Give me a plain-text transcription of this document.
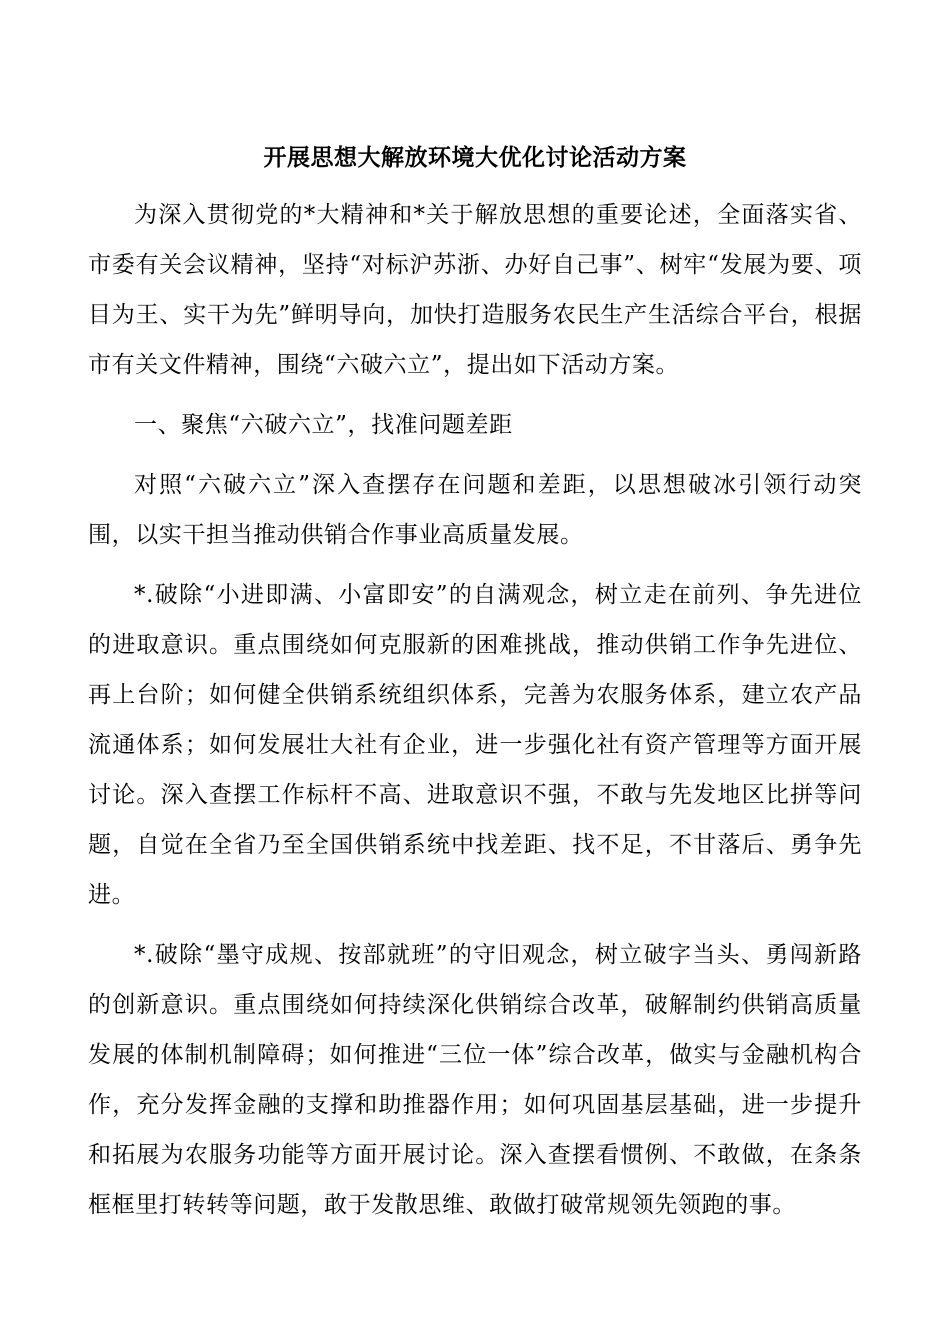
开展思想大解放环境大优化讨论活动方案

为深入贯彻党的*大精神和*关于解放思想的重要论述，全面落实省、市委有关会议精神，坚持“对标沪苏浙、办好自己事”、树牢“发展为要、项目为王、实干为先”鲜明导向，加快打造服务农民生产生活综合平台，根据市有关文件精神，围绕“六破六立”，提出如下活动方案。

一、聚焦“六破六立”，找准问题差距

对照“六破六立”深入查摆存在问题和差距，以思想破冰引领行动突围，以实干担当推动供销合作事业高质量发展。

*.破除“小进即满、小富即安”的自满观念，树立走在前列、争先进位的进取意识。重点围绕如何克服新的困难挑战，推动供销工作争先进位、再上台阶；如何健全供销系统组织体系，完善为农服务体系，建立农产品流通体系；如何发展壮大社有企业，进一步强化社有资产管理等方面开展讨论。深入查摆工作标杆不高、进取意识不强，不敢与先发地区比拼等问题，自觉在全省乃至全国供销系统中找差距、找不足，不甘落后、勇争先进。

*.破除“墨守成规、按部就班”的守旧观念，树立破字当头、勇闯新路的创新意识。重点围绕如何持续深化供销综合改革，破解制约供销高质量发展的体制机制障碍；如何推进“三位一体”综合改革，做实与金融机构合作，充分发挥金融的支撑和助推器作用；如何巩固基层基础，进一步提升和拓展为农服务功能等方面开展讨论。深入查摆看惯例、不敢做，在条条框框里打转转等问题，敢于发散思维、敢做打破常规领先领跑的事。
